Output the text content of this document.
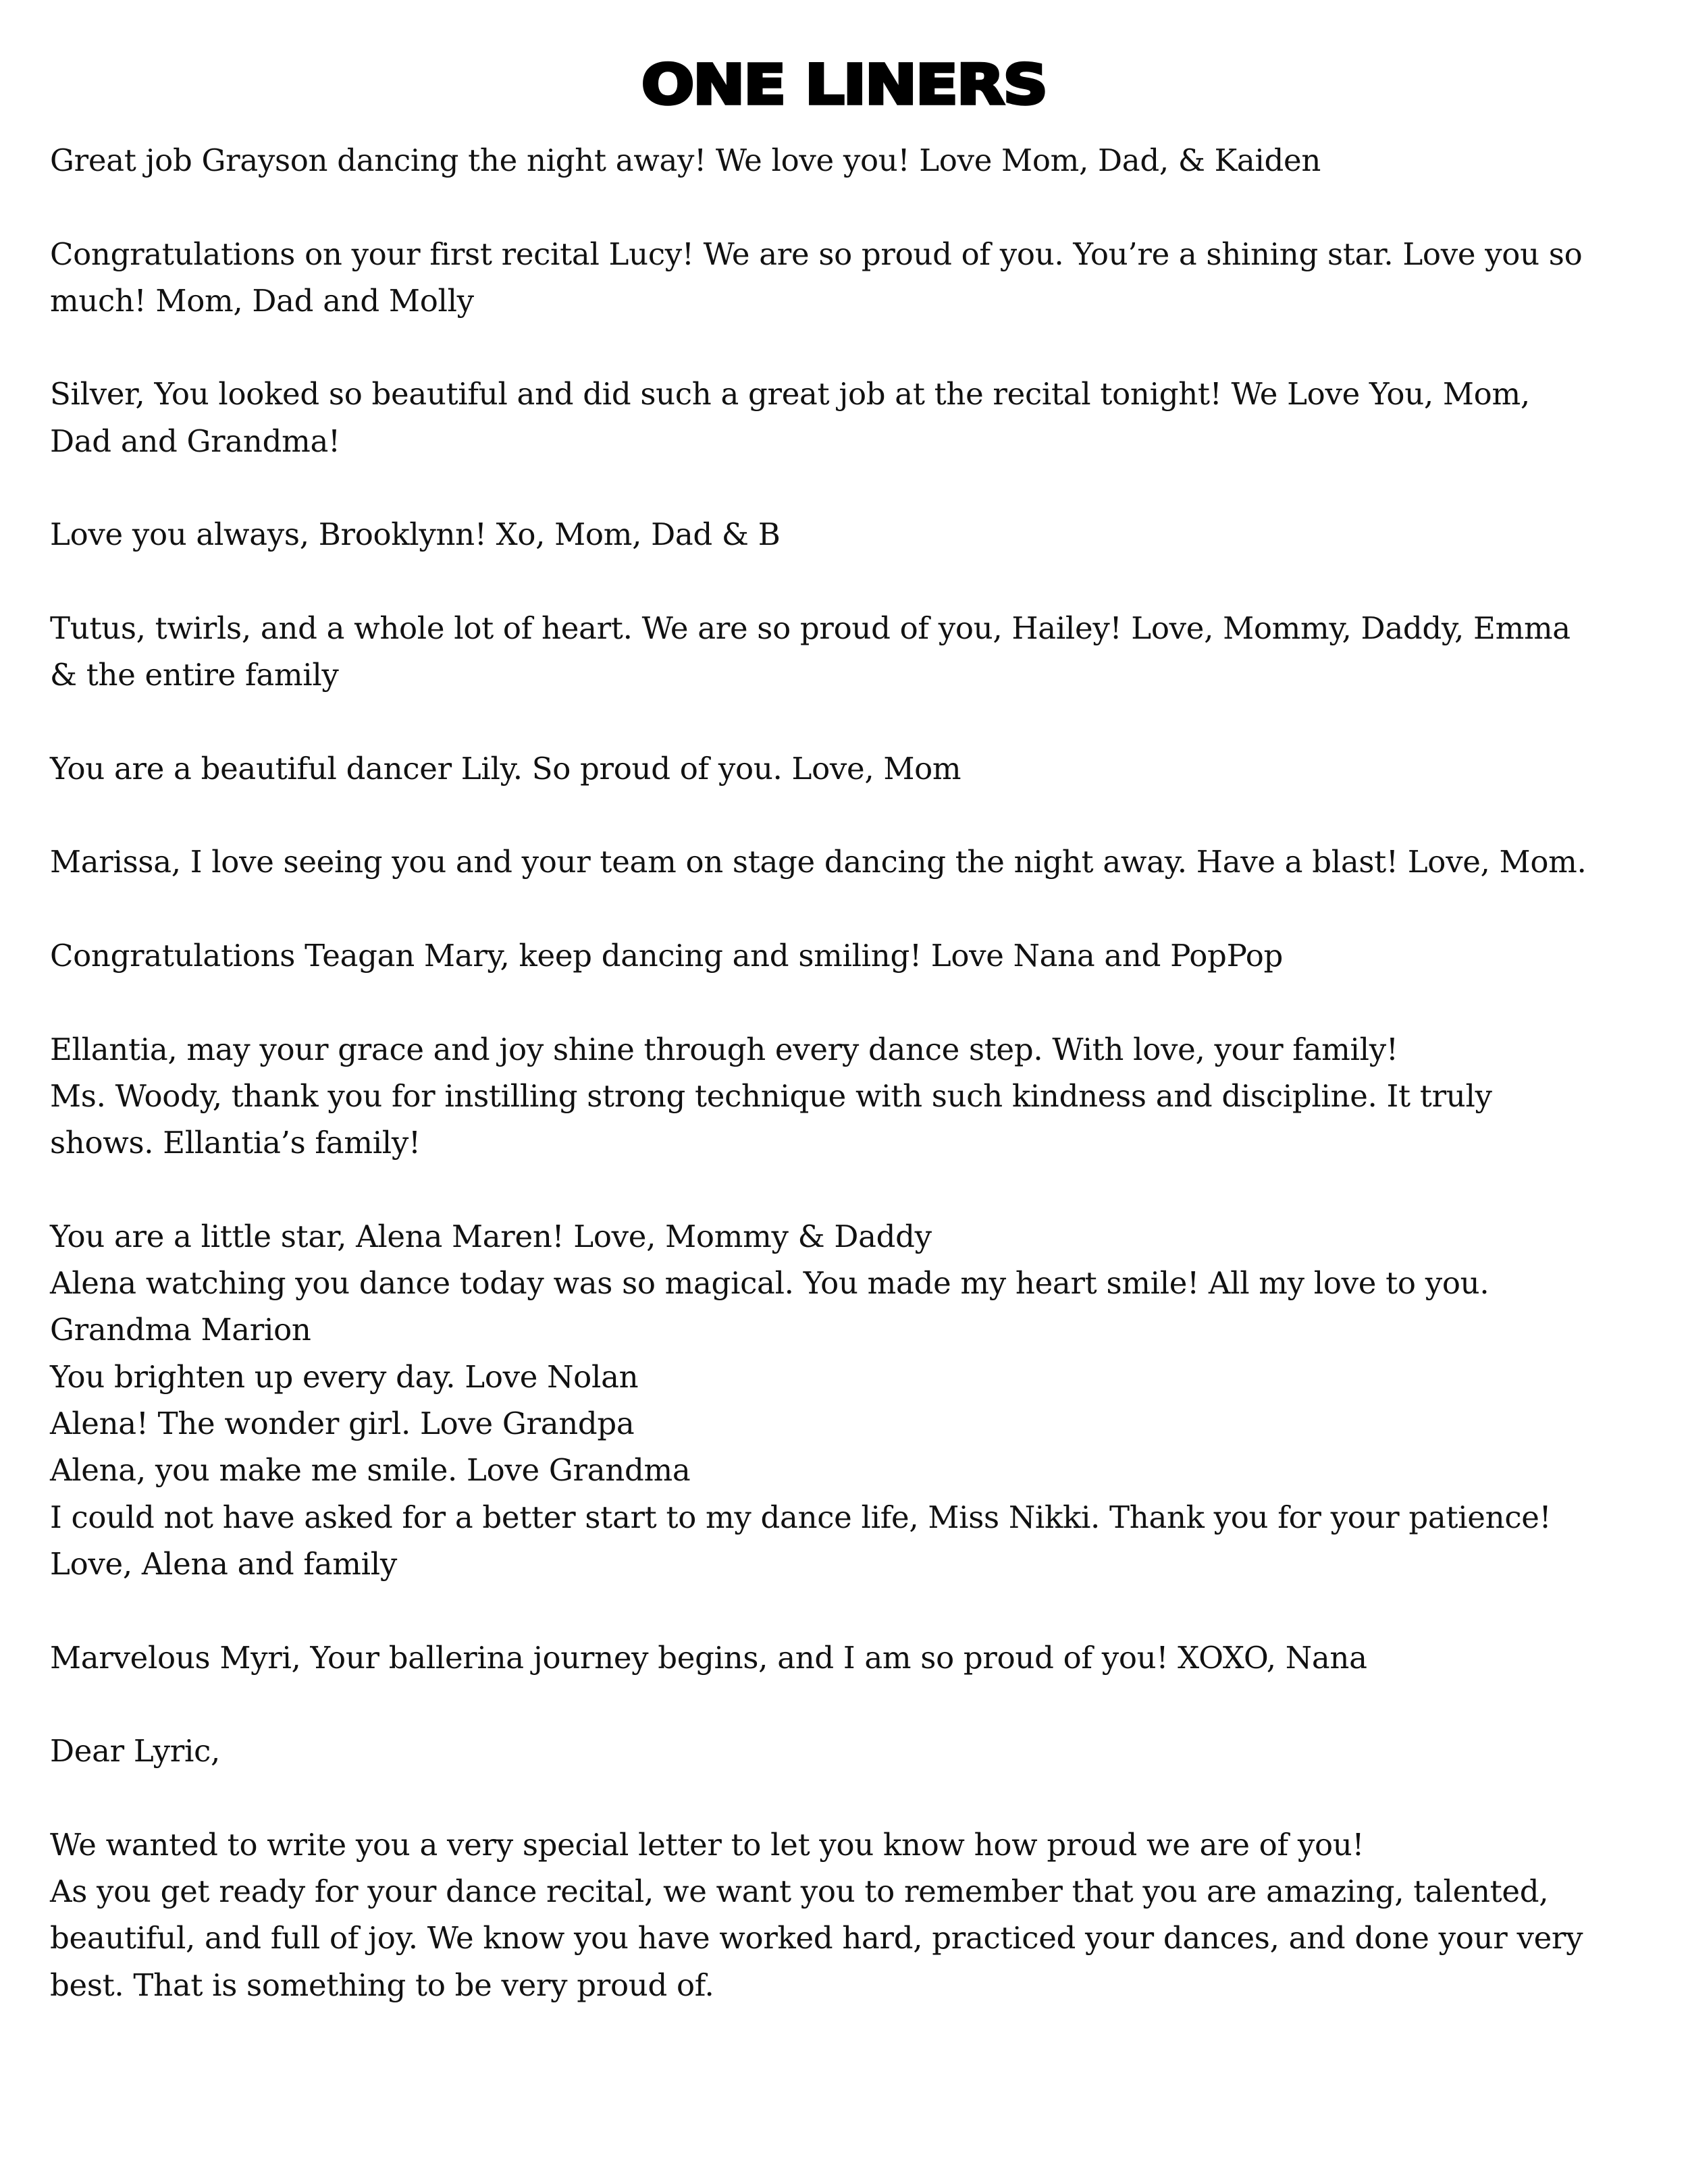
ONE LINERS

Great job Grayson dancing the night away! We love you! Love Mom, Dad, & Kaiden

Congratulations on your first recital Lucy! We are so proud of you. You’re a shining star. Love you so

much! Mom, Dad and Molly

Silver, You looked so beautiful and did such a great job at the recital tonight! We Love You, Mom,

Dad and Grandma!

Love you always, Brooklynn! Xo, Mom, Dad & B

Tutus, twirls, and a whole lot of heart. We are so proud of you, Hailey! Love, Mommy, Daddy, Emma

& the entire family

You are a beautiful dancer Lily. So proud of you. Love, Mom

Marissa, I love seeing you and your team on stage dancing the night away. Have a blast! Love, Mom.

Congratulations Teagan Mary, keep dancing and smiling! Love Nana and PopPop

Ellantia, may your grace and joy shine through every dance step. With love, your family!

Ms. Woody, thank you for instilling strong technique with such kindness and discipline. It truly

shows. Ellantia’s family!

You are a little star, Alena Maren! Love, Mommy & Daddy

Alena watching you dance today was so magical. You made my heart smile! All my love to you.

Grandma Marion

You brighten up every day. Love Nolan

Alena! The wonder girl. Love Grandpa

Alena, you make me smile. Love Grandma

I could not have asked for a better start to my dance life, Miss Nikki. Thank you for your patience!

Love, Alena and family

Marvelous Myri, Your ballerina journey begins, and I am so proud of you! XOXO, Nana

Dear Lyric,

We wanted to write you a very special letter to let you know how proud we are of you!

As you get ready for your dance recital, we want you to remember that you are amazing, talented,

beautiful, and full of joy. We know you have worked hard, practiced your dances, and done your very

best. That is something to be very proud of.
